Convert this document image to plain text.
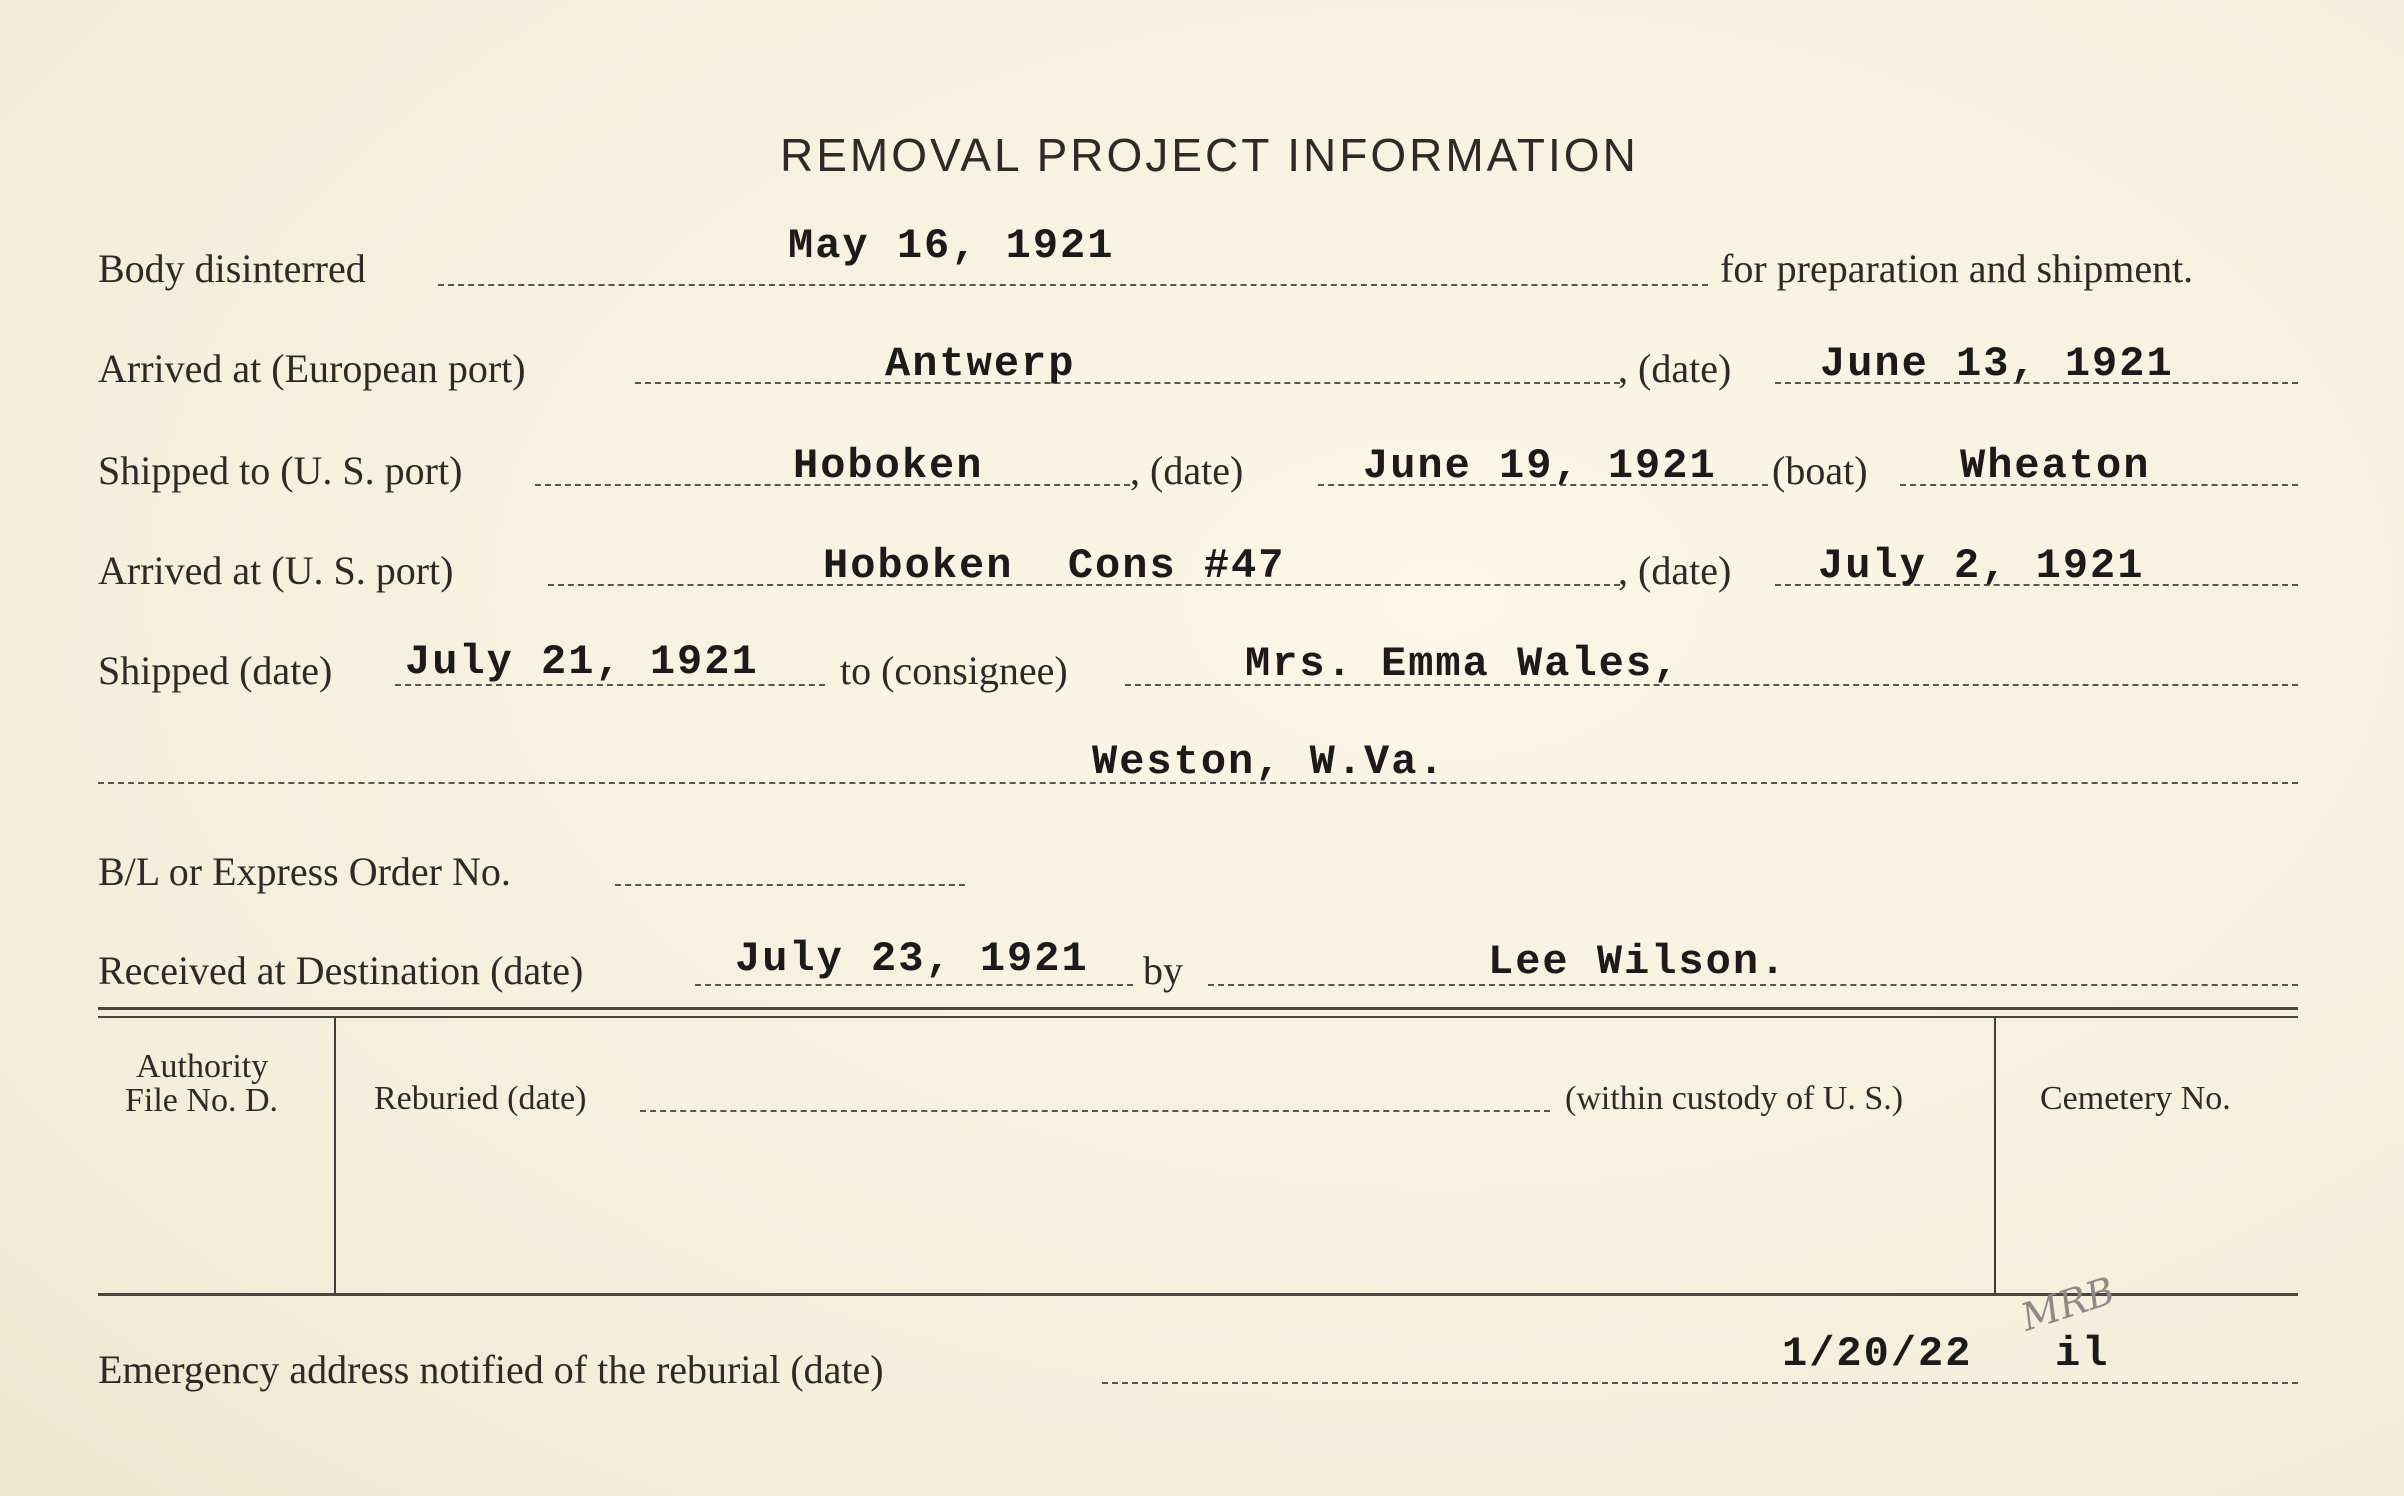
REMOVAL PROJECT INFORMATION
Body disinterred	May 16, 1921	for preparation and shipment.
Arrived at (European port)	Antwerp	, (date) June 13, 1921
Shipped to (U. S. port)	Hoboken	, (date)	June 19, 1921 (boat) Wheaton
Arrived at (U. S. port)	Hoboken  Cons #47	, (date) July 2, 1921
Shipped (date) July 21, 1921 to (consignee)	Mrs. Emma Wales,
Weston, W.Va.
B/L or Express Order No.
Received at Destination (date)	July 23, 1921 by	Lee Wilson.
Authority
File No. D.	Reburied (date)	(within custody of U. S.)	Cemetery No.
Emergency address notified of the reburial (date)	1/20/22 il
MRB
